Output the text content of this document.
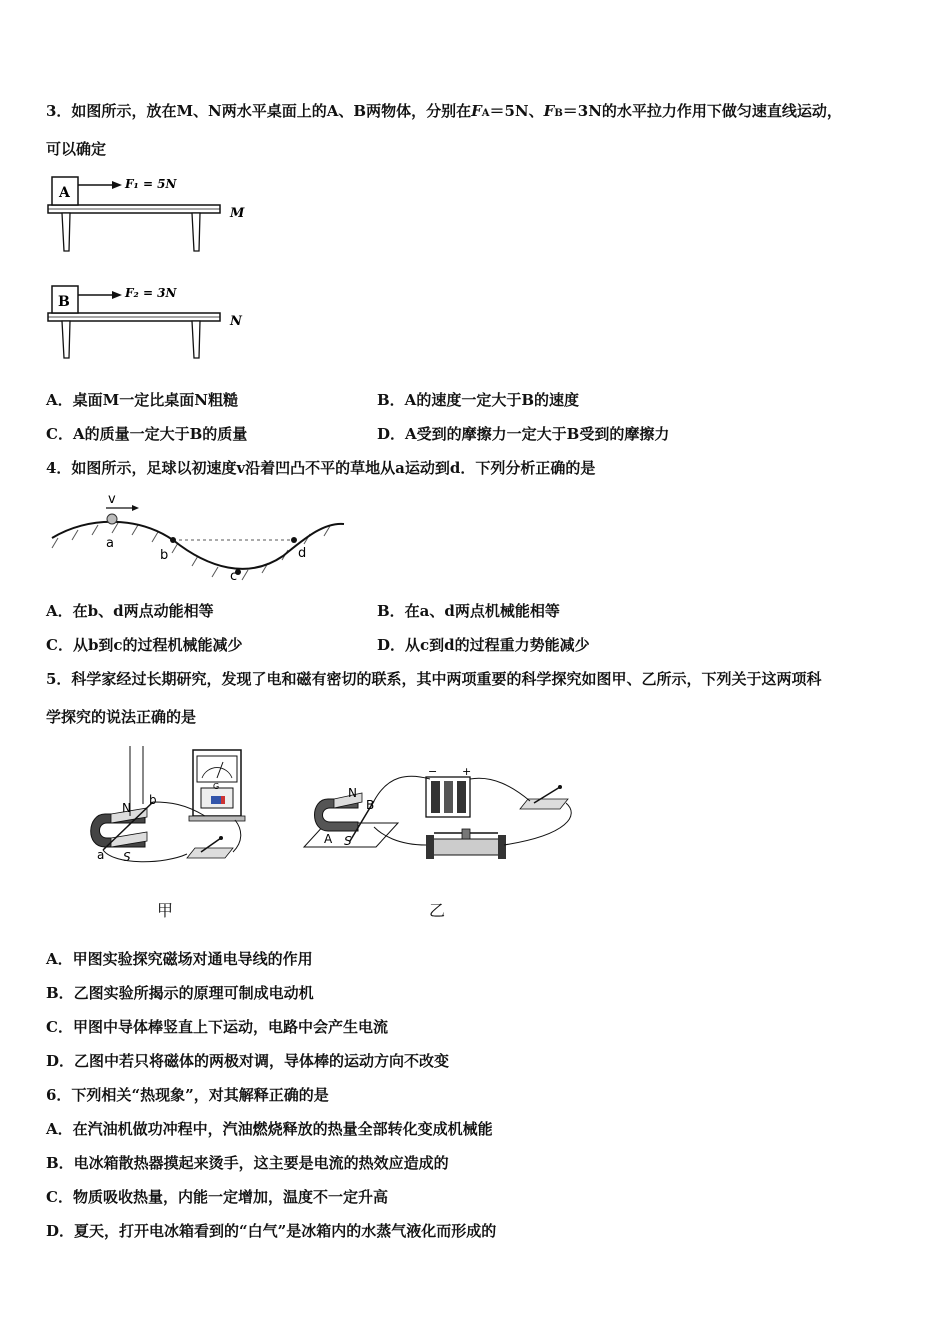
3．如图所示，放在M、N两水平桌面上的A、B两物体，分别在FA＝5N、FB＝3N的水平拉力作用下做匀速直线运动，
可以确定
A
F₁ = 5N
M
B
F₂ = 3N
N
A．桌面M一定比桌面N粗糙	B．A的速度一定大于B的速度
C．A的质量一定大于B的质量	D．A受到的摩擦力一定大于B受到的摩擦力
4．如图所示，足球以初速度v沿着凹凸不平的草地从a运动到d．下列分析正确的是
v
a
b
c
d
A．在b、d两点动能相等	B．在a、d两点机械能相等
C．从b到c的过程机械能减少	D．从c到d的过程重力势能减少
5．科学家经过长期研究，发现了电和磁有密切的联系，其中两项重要的科学探究如图甲、乙所示，下列关于这两项科
学探究的说法正确的是
N
b
a S
G
甲
N
B
A S
− +
乙
A．甲图实验探究磁场对通电导线的作用
B．乙图实验所揭示的原理可制成电动机
C．甲图中导体棒竖直上下运动，电路中会产生电流
D．乙图中若只将磁体的两极对调，导体棒的运动方向不改变
6．下列相关“热现象”，对其解释正确的是
A．在汽油机做功冲程中，汽油燃烧释放的热量全部转化变成机械能
B．电冰箱散热器摸起来烫手，这主要是电流的热效应造成的
C．物质吸收热量，内能一定增加，温度不一定升高
D．夏天，打开电冰箱看到的“白气”是冰箱内的水蒸气液化而形成的
